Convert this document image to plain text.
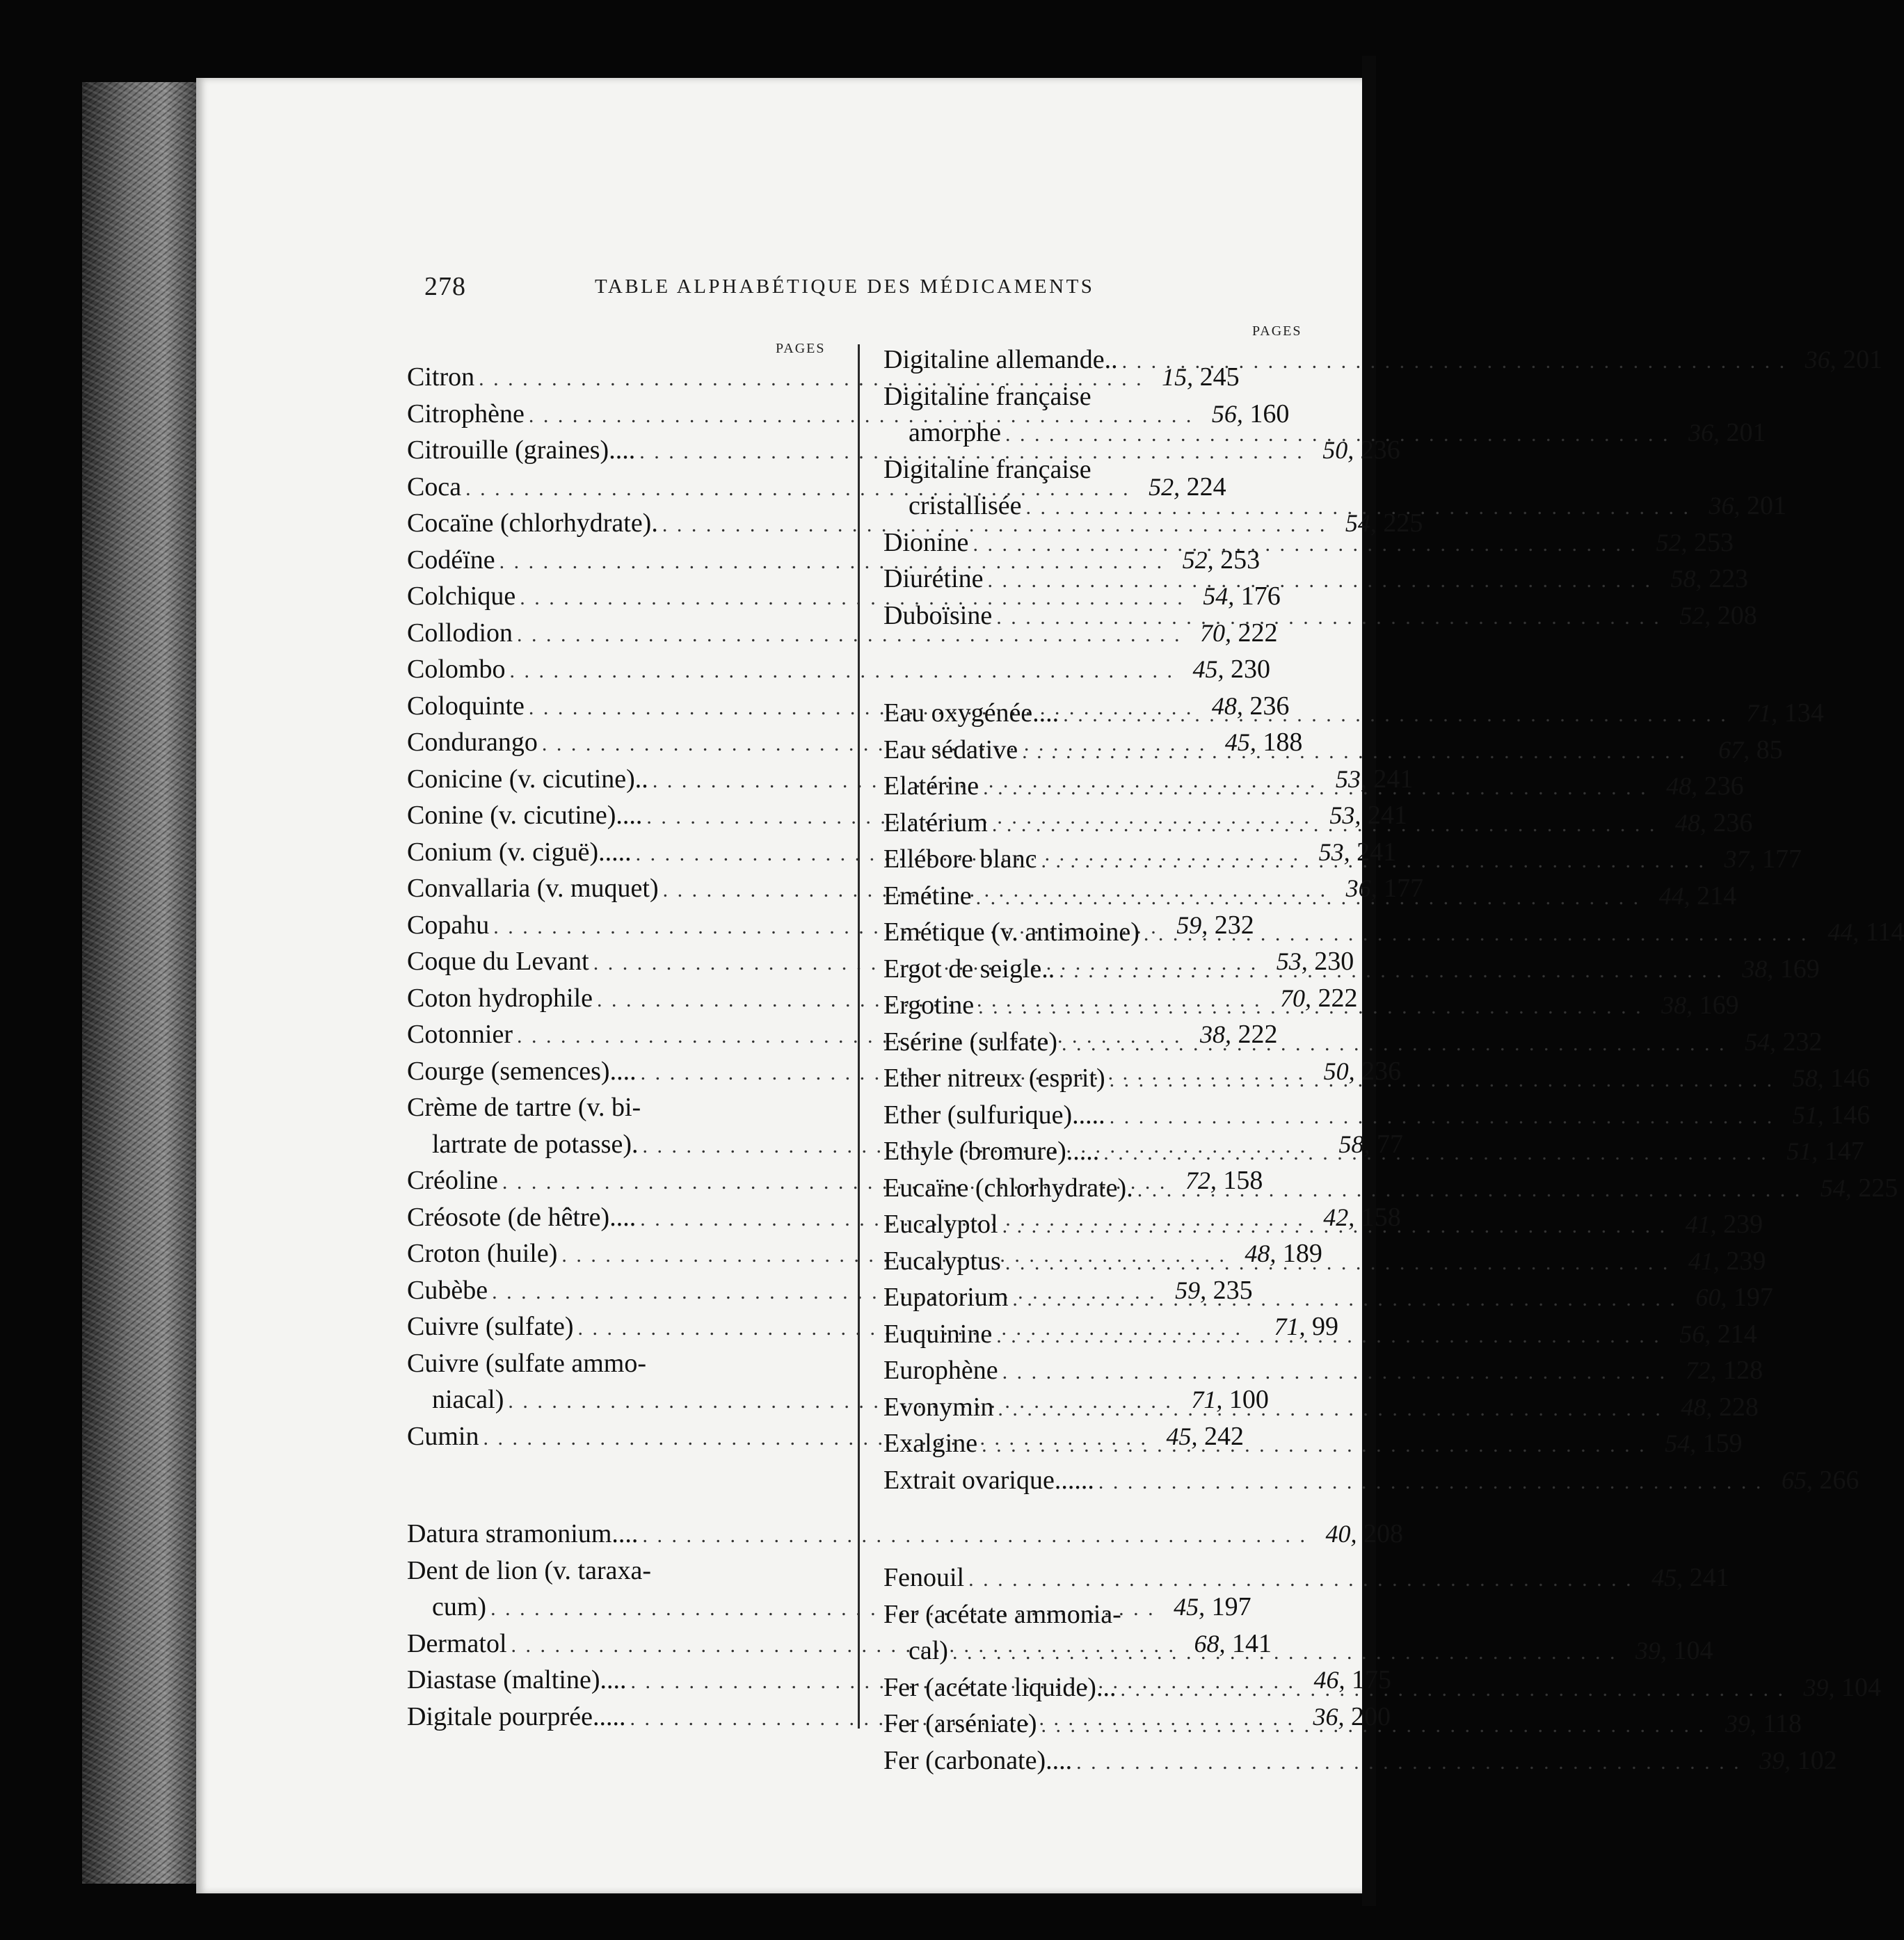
278	TABLE ALPHABÉTIQUE DES MÉDICAMENTS
PAGES
Citron . . .	15, 245
Citrophène . . .	56, 160
Citrouille (graines).... . . .	50, 236
Coca . . .	52, 224
Cocaïne (chlorhydrate). . . .	54, 225
Codéïne . . .	52, 253
Colchique . . .	54, 176
Collodion . . .	70, 222
Colombo . . .	45, 230
Coloquinte . . .	48, 236
Condurango . . .	45, 188
Conicine (v. cicutine).. . . .	53, 241
Conine (v. cicutine).... . . .	53, 241
Conium (v. ciguë)..... . . .	53, 241
Convallaria (v. muquet) . . .	36, 177
Copahu . . .	59, 232
Coque du Levant . . .	53, 230
Coton hydrophile . . .	70, 222
Cotonnier . . .	38, 222
Courge (semences).... . . .	50, 236
Crème de tartre (v. bi-
lartrate de potasse). . . .	58, 77
Créoline . . .	72, 158
Créosote (de hêtre).... . . .	42, 158
Croton (huile) . . .	48, 189
Cubèbe . . .	59, 235
Cuivre (sulfate) . . .	71, 99
Cuivre (sulfate ammo-
niacal) . . .	71, 100
Cumin . . .	45, 242
Datura stramonium.... . . .	40, 208
Dent de lion (v. taraxa-
cum) . . .	45, 197
Dermatol . . .	68, 141
Diastase (maltine).... . . .	46, 175
Digitale pourprée..... . . .	36, 200
PAGES
Digitaline allemande.. . . .	36, 201
Digitaline française
amorphe . . .	36, 201
Digitaline française
cristallisée . . .	36, 201
Dionine . . .	52, 253
Diurétine . . .	58, 223
Duboïsine . . .	52, 208
Eau oxygénée.... . . .	71, 134
Eau sédative . . .	67, 85
Elatérine . . .	48, 236
Elatérium . . .	48, 236
Ellébore blanc . . .	37, 177
Emétine . . .	44, 214
Emétique (v. antimoine) . . .	44, 114
Ergot de seigle.. . . .	38, 169
Ergotine . . .	38, 169
Esérine (sulfate) . . .	54, 232
Ether nitreux (esprit) . . .	58, 146
Ether (sulfurique)..... . . .	51, 146
Ethyle (bromure)..... . . .	51, 147
Eucaïne (chlorhydrate). . . .	54, 225
Eucalyptol . . .	41, 239
Eucalyptus . . .	41, 239
Eupatorium . . .	60, 197
Euquinine . . .	56, 214
Europhène . . .	72, 128
Evonymin . . .	48, 228
Exalgine . . .	54, 159
Extrait ovarique...... . . .	65, 266
Fenouil . . .	45, 241
Fer (acétate ammonia-
cal) . . .	39, 104
Fer (acétate liquide)... . . .	39, 104
Fer (arséniate) . . .	39, 118
Fer (carbonate).... . . .	39, 102
